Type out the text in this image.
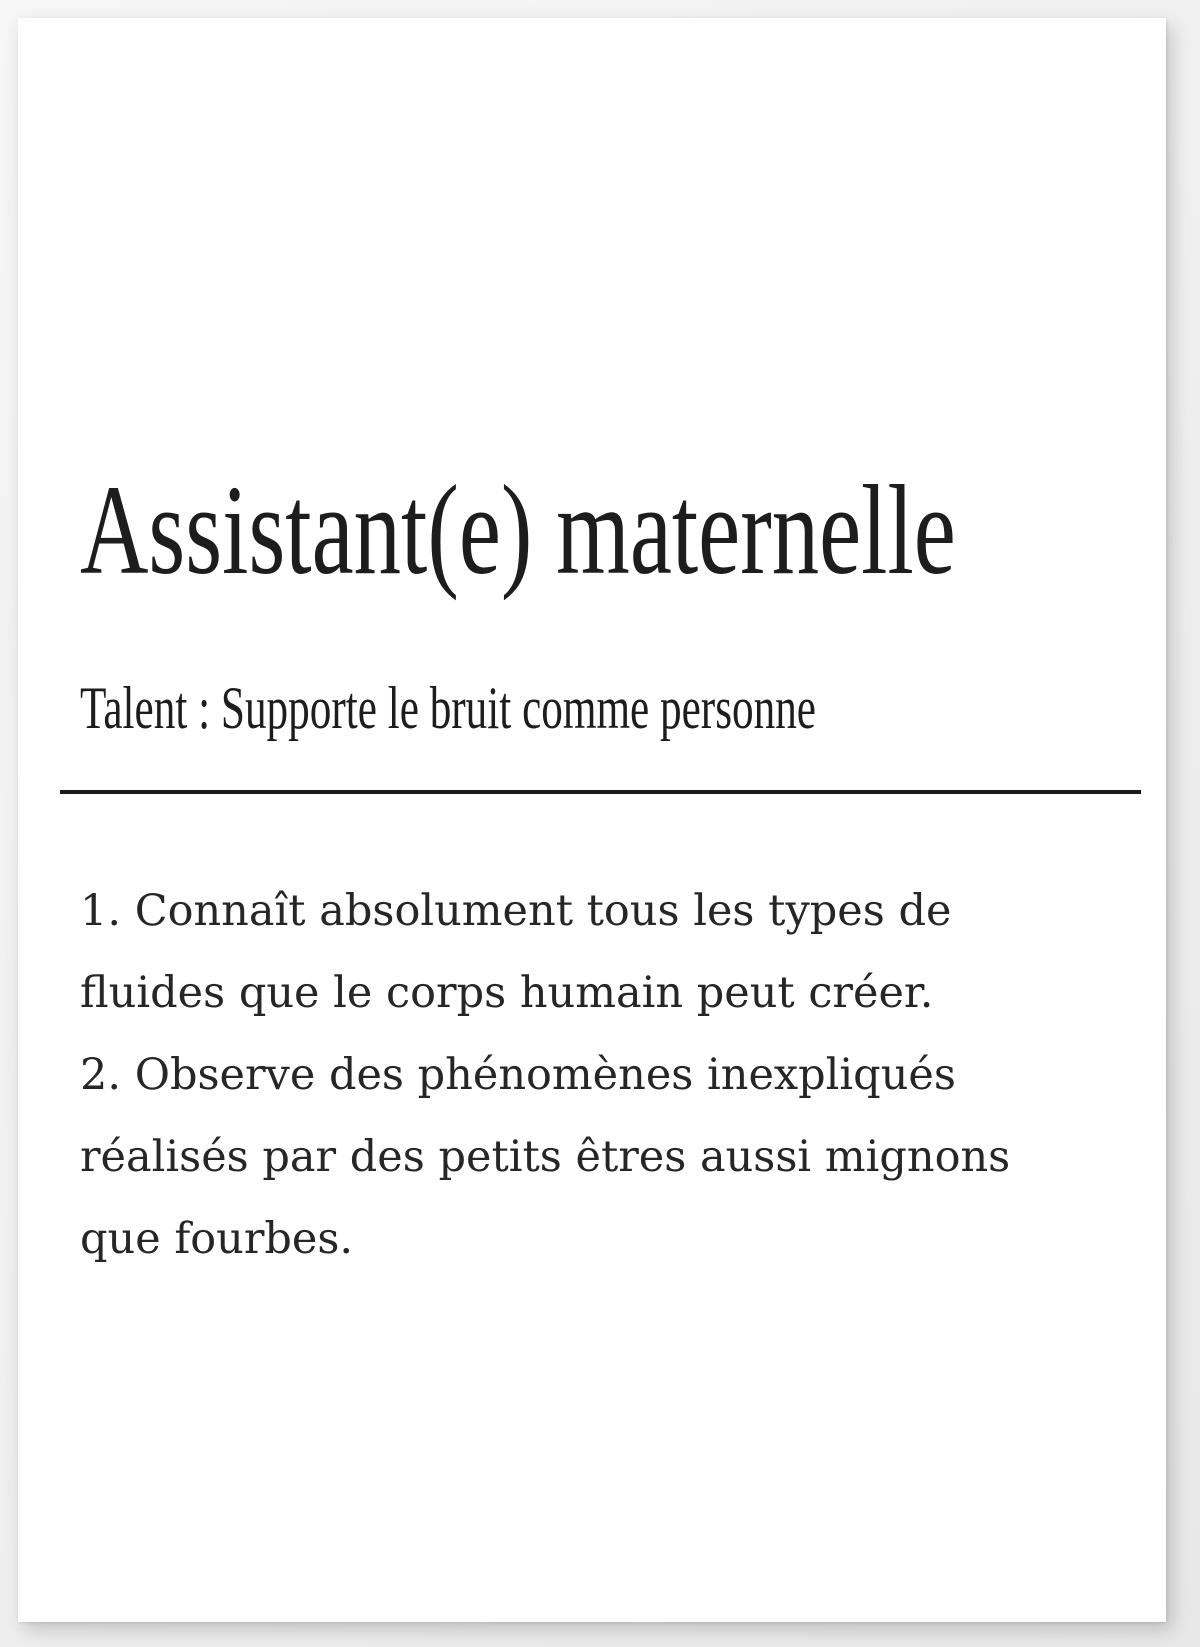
Assistant(e) maternelle
Talent : Supporte le bruit comme personne
1. Connaît absolument tous les types de
fluides que le corps humain peut créer.
2. Observe des phénomènes inexpliqués
réalisés par des petits êtres aussi mignons
que fourbes.
